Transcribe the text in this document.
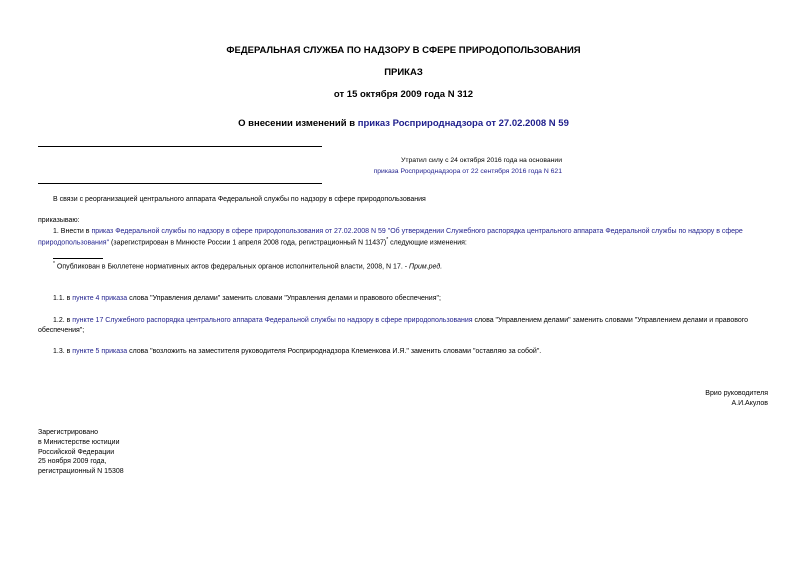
ФЕДЕРАЛЬНАЯ СЛУЖБА ПО НАДЗОРУ В СФЕРЕ ПРИРОДОПОЛЬЗОВАНИЯ
ПРИКАЗ
от 15 октября 2009 года N 312
О внесении изменений в приказ Росприроднадзора от 27.02.2008 N 59
Утратил силу с 24 октября 2016 года на основании
приказа Росприроднадзора от 22 сентября 2016 года N 621
В связи с реорганизацией центрального аппарата Федеральной службы по надзору в сфере природопользования
приказываю:
1. Внести в приказ Федеральной службы по надзору в сфере природопользования от 27.02.2008 N 59 "Об утверждении Служебного распорядка центрального аппарата Федеральной службы по надзору в сфере
природопользования" (зарегистрирован в Минюсте России 1 апреля 2008 года, регистрационный N 11437)* следующие изменения:
* Опубликован в Бюллетене нормативных актов федеральных органов исполнительной власти, 2008, N 17. - Прим.ред.
1.1. в пункте 4 приказа слова "Управления делами" заменить словами "Управления делами и правового обеспечения";
1.2. в пункте 17 Служебного распорядка центрального аппарата Федеральной службы по надзору в сфере природопользования слова "Управлением делами" заменить словами "Управлением делами и правового
обеспечения";
1.3. в пункте 5 приказа слова "возложить на заместителя руководителя Росприроднадзора Клеменкова И.Я." заменить словами "оставляю за собой".
Врио руководителя
А.И.Акулов
Зарегистрировано
в Министерстве юстиции
Российской Федерации
25 ноября 2009 года,
регистрационный N 15308
